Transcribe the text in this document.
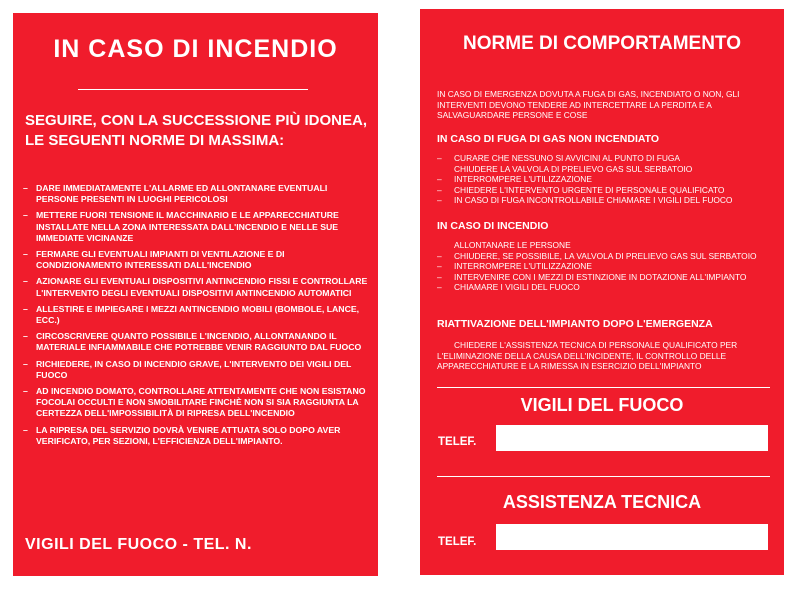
IN CASO DI INCENDIO
SEGUIRE, CON LA SUCCESSIONE PIÙ IDONEA, LE SEGUENTI NORME DI MASSIMA:
– DARE IMMEDIATAMENTE L'ALLARME ED ALLONTANARE EVENTUALI PERSONE PRESENTI IN LUOGHI PERICOLOSI
– METTERE FUORI TENSIONE IL MACCHINARIO E LE APPARECCHIATURE INSTALLATE NELLA ZONA INTERESSATA DALL'INCENDIO E NELLE SUE IMMEDIATE VICINANZE
– FERMARE GLI EVENTUALI IMPIANTI DI VENTILAZIONE E DI CONDIZIONAMENTO INTERESSATI DALL'INCENDIO
– AZIONARE GLI EVENTUALI DISPOSITIVI ANTINCENDIO FISSI E CONTROLLARE L'INTERVENTO DEGLI EVENTUALI DISPOSITIVI ANTINCENDIO AUTOMATICI
– ALLESTIRE E IMPIEGARE I MEZZI ANTINCENDIO MOBILI (BOMBOLE, LANCE, ECC.)
– CIRCOSCRIVERE QUANTO POSSIBILE L'INCENDIO, ALLONTANANDO IL MATERIALE INFIAMMABILE CHE POTREBBE VENIR RAGGIUNTO DAL FUOCO
– RICHIEDERE, IN CASO DI INCENDIO GRAVE, L'INTERVENTO DEI VIGILI DEL FUOCO
– AD INCENDIO DOMATO, CONTROLLARE ATTENTAMENTE CHE NON ESISTANO FOCOLAI OCCULTI E NON SMOBILITARE FINCHÈ NON SI SIA RAGGIUNTA LA CERTEZZA DELL'IMPOSSIBILITÀ DI RIPRESA DELL'INCENDIO
– LA RIPRESA DEL SERVIZIO DOVRÀ VENIRE ATTUATA SOLO DOPO AVER VERIFICATO, PER SEZIONI, L'EFFICIENZA DELL'IMPIANTO.
VIGILI DEL FUOCO - TEL. N.
NORME DI COMPORTAMENTO
IN CASO DI EMERGENZA DOVUTA A FUGA DI GAS, INCENDIATO O NON, GLI INTERVENTI DEVONO TENDERE AD INTERCETTARE LA PERDITA E A SALVAGUARDARE PERSONE E COSE
IN CASO DI FUGA DI GAS NON INCENDIATO
– CURARE CHE NESSUNO SI AVVICINI AL PUNTO DI FUGA
CHIUDERE LA VALVOLA DI PRELIEVO GAS SUL SERBATOIO
– INTERROMPERE L'UTILIZZAZIONE
– CHIEDERE L'INTERVENTO URGENTE DI PERSONALE QUALIFICATO
– IN CASO DI FUGA INCONTROLLABILE CHIAMARE I VIGILI DEL FUOCO
IN CASO DI INCENDIO
ALLONTANARE LE PERSONE
– CHIUDERE, SE POSSIBILE, LA VALVOLA DI PRELIEVO GAS SUL SERBATOIO
– INTERROMPERE L'UTILIZZAZIONE
– INTERVENIRE CON I MEZZI DI ESTINZIONE IN DOTAZIONE ALL'IMPIANTO
– CHIAMARE I VIGILI DEL FUOCO
RIATTIVAZIONE DELL'IMPIANTO DOPO L'EMERGENZA
CHIEDERE L'ASSISTENZA TECNICA DI PERSONALE QUALIFICATO PER L'ELIMINAZIONE DELLA CAUSA DELL'INCIDENTE, IL CONTROLLO DELLE APPARECCHIATURE E LA RIMESSA IN ESERCIZIO DELL'IMPIANTO
VIGILI DEL FUOCO
TELEF.
ASSISTENZA TECNICA
TELEF.
